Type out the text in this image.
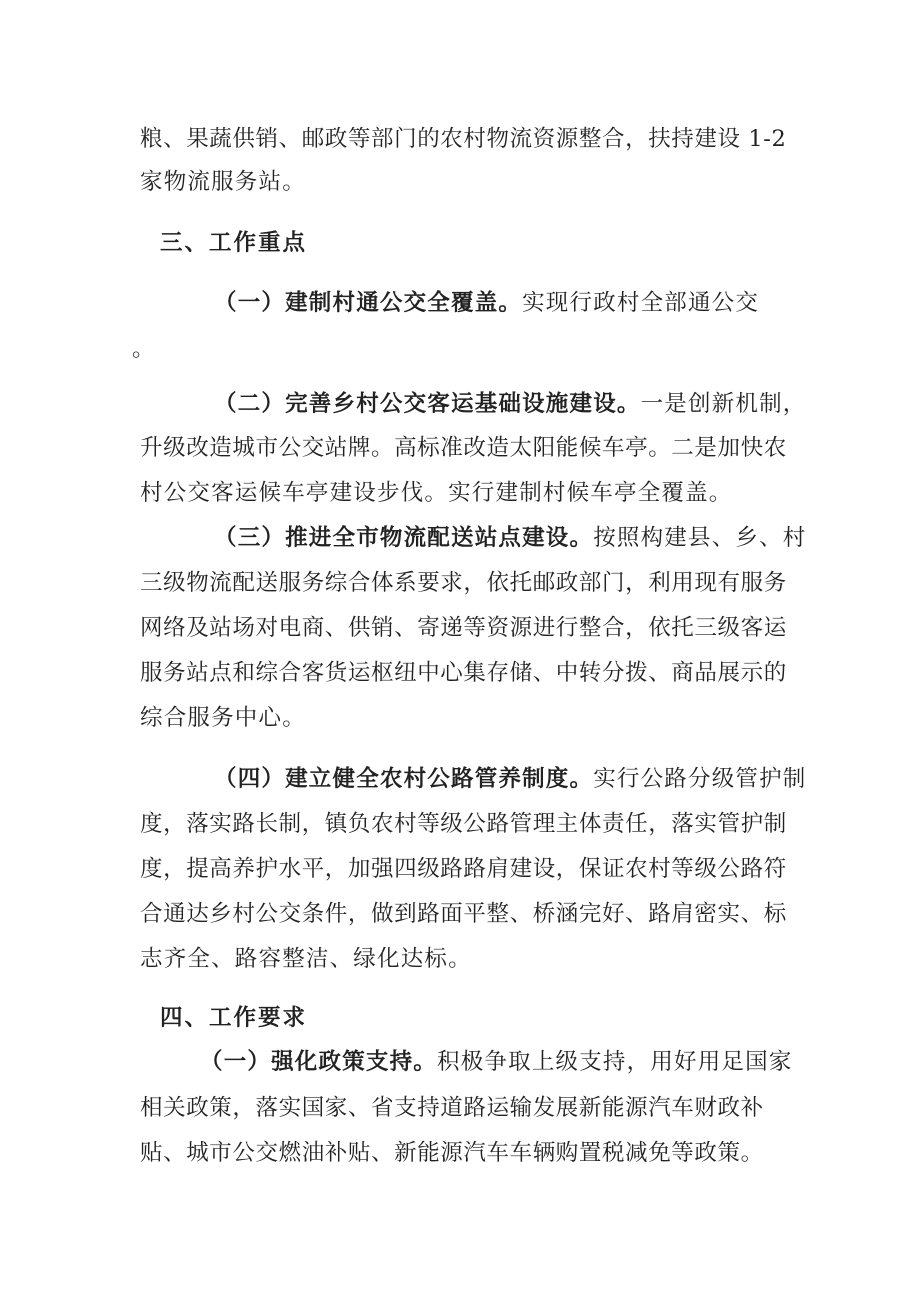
粮、果蔬供销、邮政等部门的农村物流资源整合，扶持建设 1-2
家物流服务站。
三、工作重点
（一）建制村通公交全覆盖。实现行政村全部通公交
。
（二）完善乡村公交客运基础设施建设。一是创新机制，
升级改造城市公交站牌。高标准改造太阳能候车亭。二是加快农
村公交客运候车亭建设步伐。实行建制村候车亭全覆盖。
（三）推进全市物流配送站点建设。按照构建县、乡、村
三级物流配送服务综合体系要求，依托邮政部门，利用现有服务
网络及站场对电商、供销、寄递等资源进行整合，依托三级客运
服务站点和综合客货运枢纽中心集存储、中转分拨、商品展示的
综合服务中心。
（四）建立健全农村公路管养制度。实行公路分级管护制
度，落实路长制，镇负农村等级公路管理主体责任，落实管护制
度，提高养护水平，加强四级路路肩建设，保证农村等级公路符
合通达乡村公交条件，做到路面平整、桥涵完好、路肩密实、标
志齐全、路容整洁、绿化达标。
四、工作要求
（一）强化政策支持。积极争取上级支持，用好用足国家
相关政策，落实国家、省支持道路运输发展新能源汽车财政补
贴、城市公交燃油补贴、新能源汽车车辆购置税减免等政策。
